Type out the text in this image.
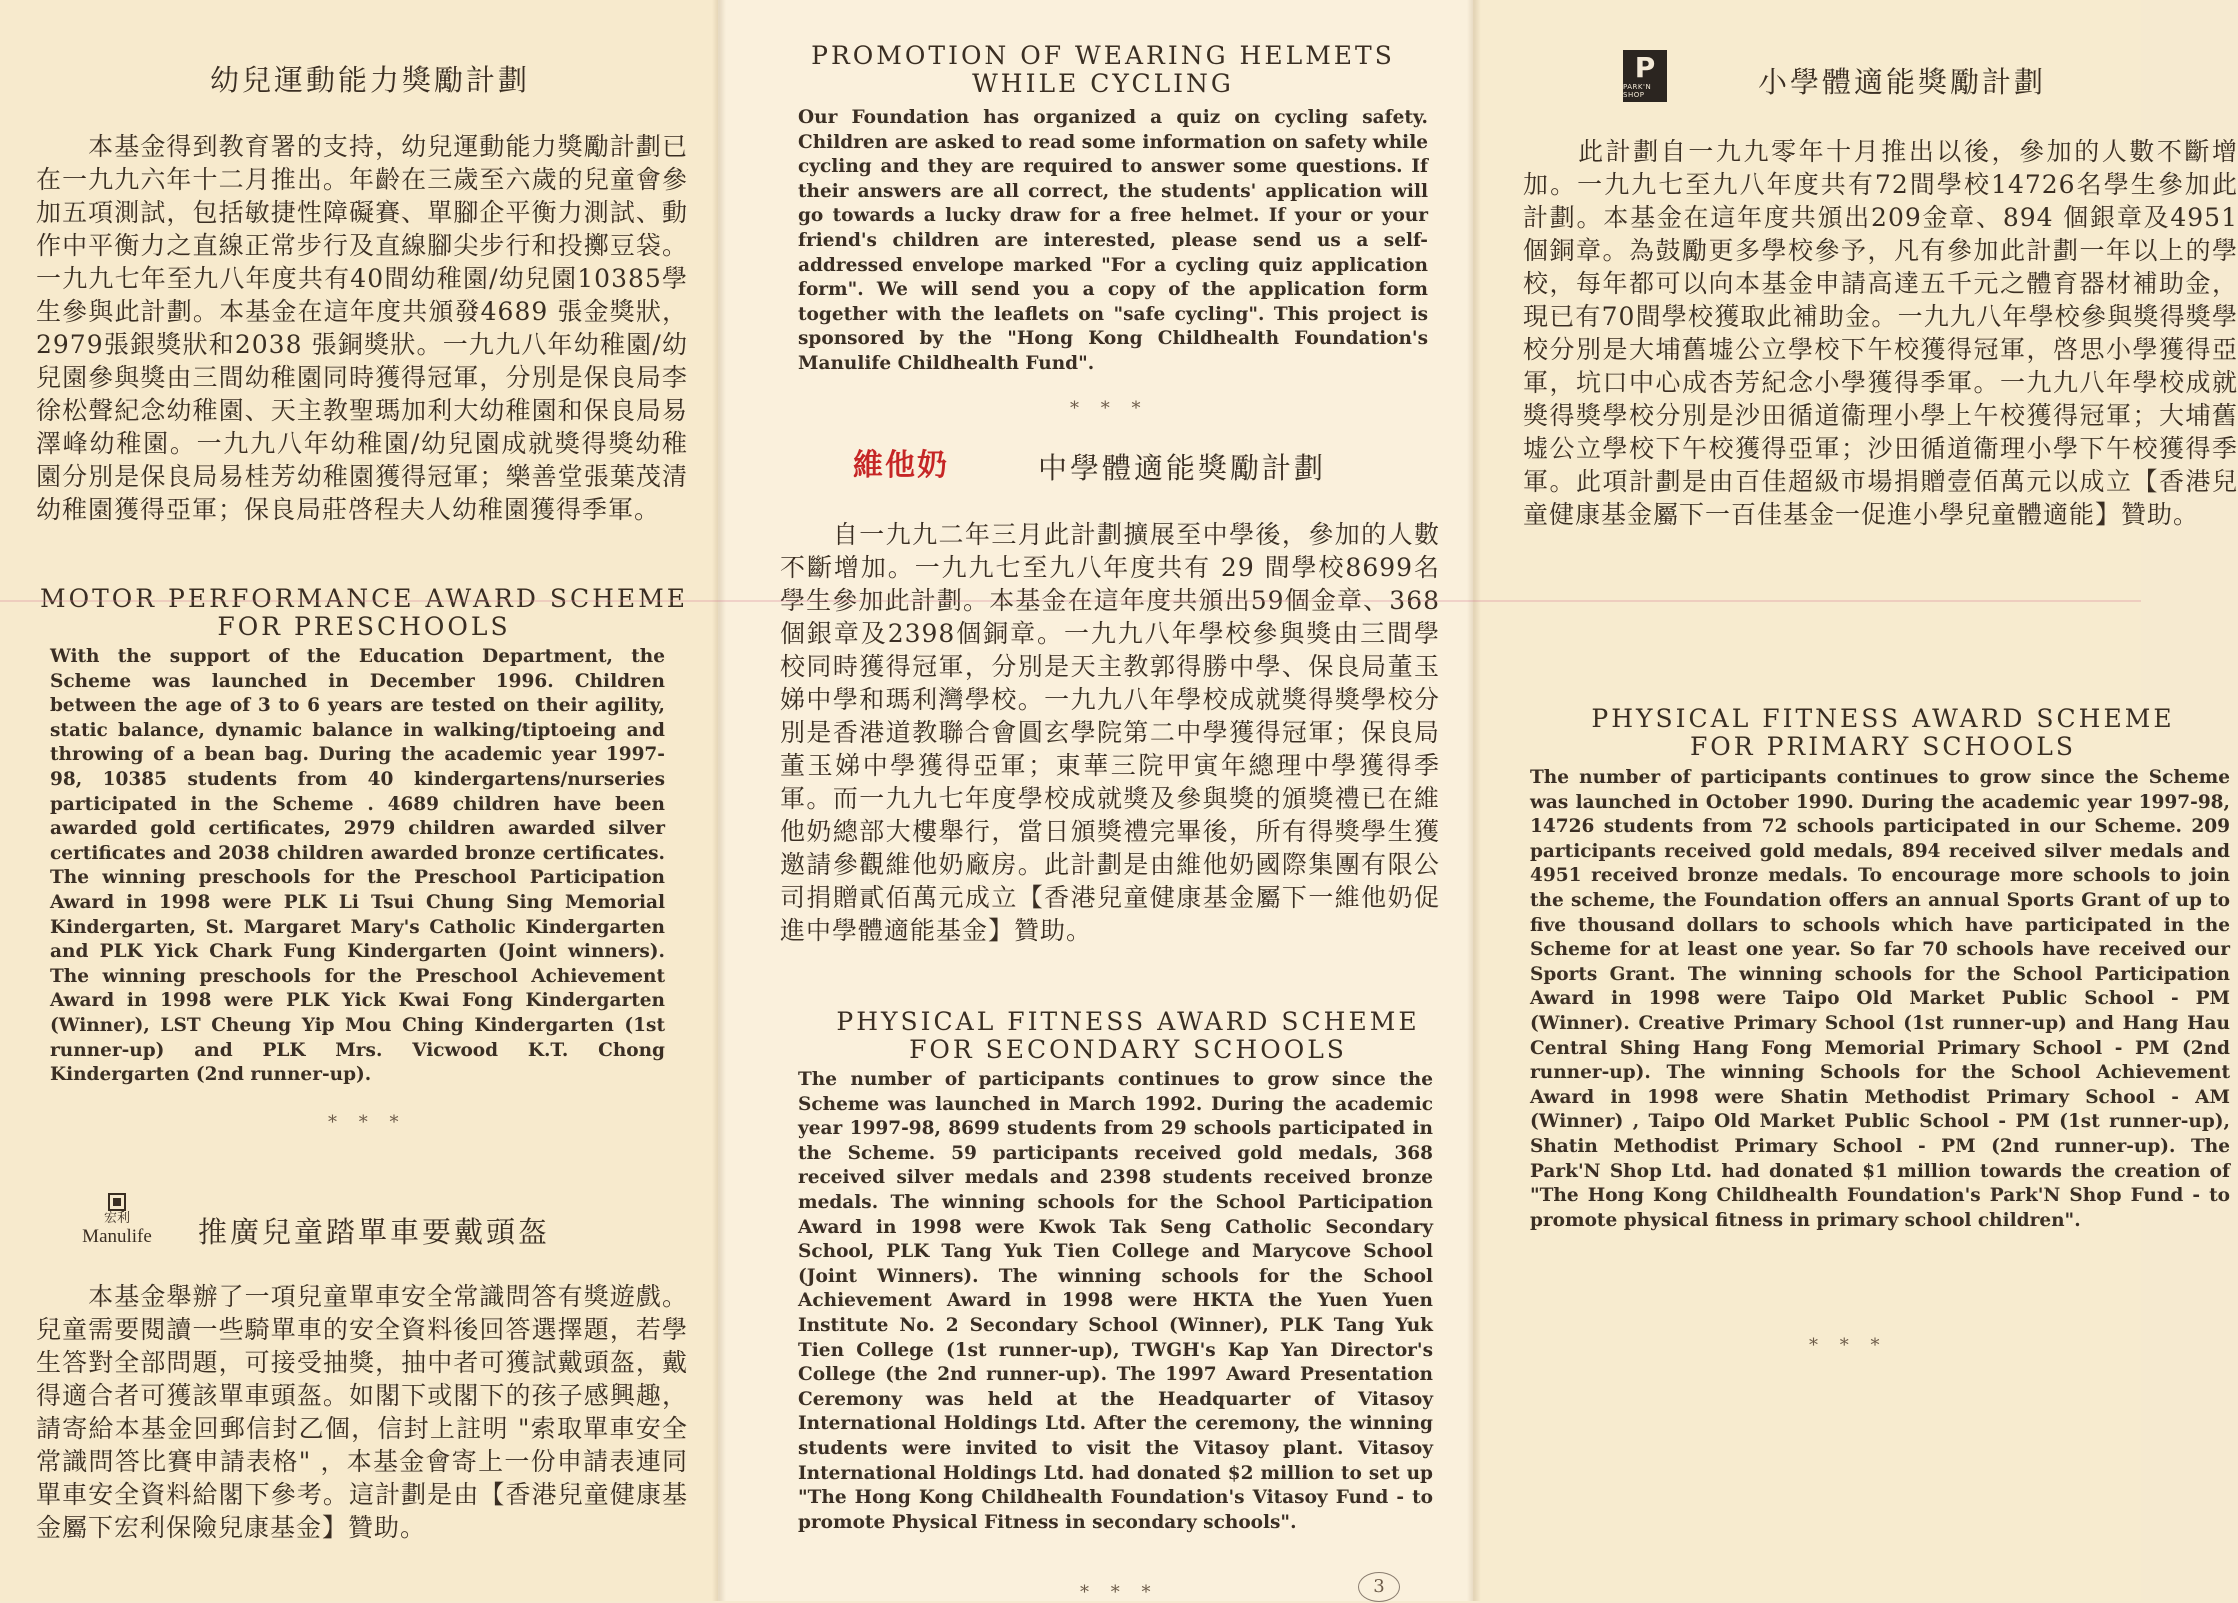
幼兒運動能力獎勵計劃

　　本基金得到教育署的支持，幼兒運動能力獎勵計劃已在一九九六年十二月推出。年齡在三歲至六歲的兒童會參加五項測試，包括敏捷性障礙賽、單腳企平衡力測試、動作中平衡力之直線正常步行及直線腳尖步行和投擲豆袋。一九九七年至九八年度共有40間幼稚園/幼兒園10385學生參與此計劃。本基金在這年度共頒發4689 張金獎狀，2979張銀獎狀和2038 張銅獎狀。一九九八年幼稚園/幼兒園參與獎由三間幼稚園同時獲得冠軍，分別是保良局李徐松聲紀念幼稚園、天主教聖瑪加利大幼稚園和保良局易澤峰幼稚園。一九九八年幼稚園/幼兒園成就獎得獎幼稚園分別是保良局易桂芳幼稚園獲得冠軍；樂善堂張葉茂清幼稚園獲得亞軍；保良局莊啓程夫人幼稚園獲得季軍。

MOTOR PERFORMANCE AWARD SCHEME
FOR PRESCHOOLS

With the support of the Education Department, the Scheme was launched in December 1996. Children between the age of 3 to 6 years are tested on their agility, static balance, dynamic balance in walking/tiptoeing and throwing of a bean bag. During the academic year 1997-98, 10385 students from 40 kindergartens/nurseries participated in the Scheme . 4689 children have been awarded gold certificates, 2979 children awarded silver certificates and 2038 children awarded bronze certificates. The winning preschools for the Preschool Participation Award in 1998 were PLK Li Tsui Chung Sing Memorial Kindergarten, St. Margaret Mary's Catholic Kindergarten and PLK Yick Chark Fung Kindergarten (Joint winners). The winning preschools for the Preschool Achievement Award in 1998 were PLK Yick Kwai Fong Kindergarten (Winner), LST Cheung Yip Mou Ching Kindergarten (1st runner-up) and PLK Mrs. Vicwood K.T. Chong Kindergarten (2nd runner-up).

* * *
宏利
Manulife 推廣兒童踏單車要戴頭盔

　　本基金舉辦了一項兒童單車安全常識問答有獎遊戲。兒童需要閱讀一些騎單車的安全資料後回答選擇題，若學生答對全部問題，可接受抽獎，抽中者可獲試戴頭盔，戴得適合者可獲該單車頭盔。如閣下或閣下的孩子感興趣，請寄給本基金回郵信封乙個，信封上註明 "索取單車安全常識問答比賽申請表格" ，本基金會寄上一份申請表連同單車安全資料給閣下參考。這計劃是由【香港兒童健康基金屬下宏利保險兒康基金】贊助。

PROMOTION OF WEARING HELMETS
WHILE CYCLING

Our Foundation has organized a quiz on cycling safety. Children are asked to read some information on safety while cycling and they are required to answer some questions. If their answers are all correct, the students' application will go towards a lucky draw for a free helmet. If your or your friend's children are interested, please send us a self-addressed envelope marked "For a cycling quiz application form". We will send you a copy of the application form together with the leaflets on "safe cycling". This project is sponsored by the "Hong Kong Childhealth Foundation's Manulife Childhealth Fund".

* * *
維他奶	中學體適能獎勵計劃

　　自一九九二年三月此計劃擴展至中學後，參加的人數不斷增加。一九九七至九八年度共有 29 間學校8699名學生參加此計劃。本基金在這年度共頒出59個金章、368個銀章及2398個銅章。一九九八年學校參與獎由三間學校同時獲得冠軍，分別是天主教郭得勝中學、保良局董玉娣中學和瑪利灣學校。一九九八年學校成就獎得獎學校分別是香港道教聯合會圓玄學院第二中學獲得冠軍；保良局董玉娣中學獲得亞軍；東華三院甲寅年總理中學獲得季軍。而一九九七年度學校成就獎及參與獎的頒獎禮已在維他奶總部大樓舉行，當日頒獎禮完畢後，所有得獎學生獲邀請參觀維他奶廠房。此計劃是由維他奶國際集團有限公司捐贈貳佰萬元成立【香港兒童健康基金屬下一維他奶促進中學體適能基金】贊助。

PHYSICAL FITNESS AWARD SCHEME
FOR SECONDARY SCHOOLS

The number of participants continues to grow since the Scheme was launched in March 1992. During the academic year 1997-98, 8699 students from 29 schools participated in the Scheme. 59 participants received gold medals, 368 received silver medals and 2398 students received bronze medals. The winning schools for the School Participation Award in 1998 were Kwok Tak Seng Catholic Secondary School, PLK Tang Yuk Tien College and Marycove School (Joint Winners). The winning schools for the School Achievement Award in 1998 were HKTA the Yuen Yuen Institute No. 2 Secondary School (Winner), PLK Tang Yuk Tien College (1st runner-up), TWGH's Kap Yan Director's College (the 2nd runner-up). The 1997 Award Presentation Ceremony was held at the Headquarter of Vitasoy International Holdings Ltd. After the ceremony, the winning students were invited to visit the Vitasoy plant. Vitasoy International Holdings Ltd. had donated $2 million to set up "The Hong Kong Childhealth Foundation's Vitasoy Fund - to promote Physical Fitness in secondary schools".

* * *	3
P
PARK'N SHOP	小學體適能獎勵計劃

　　此計劃自一九九零年十月推出以後，參加的人數不斷增加。一九九七至九八年度共有72間學校14726名學生參加此計劃。本基金在這年度共頒出209金章、894 個銀章及4951個銅章。為鼓勵更多學校參予，凡有參加此計劃一年以上的學校，每年都可以向本基金申請高達五千元之體育器材補助金，現已有70間學校獲取此補助金。一九九八年學校參與獎得獎學校分別是大埔舊墟公立學校下午校獲得冠軍，啓思小學獲得亞軍，坑口中心成杏芳紀念小學獲得季軍。一九九八年學校成就獎得獎學校分別是沙田循道衞理小學上午校獲得冠軍；大埔舊墟公立學校下午校獲得亞軍；沙田循道衞理小學下午校獲得季軍。此項計劃是由百佳超級市場捐贈壹佰萬元以成立【香港兒童健康基金屬下一百佳基金一促進小學兒童體適能】贊助。

PHYSICAL FITNESS AWARD SCHEME
FOR PRIMARY SCHOOLS

The number of participants continues to grow since the Scheme was launched in October 1990. During the academic year 1997-98, 14726 students from 72 schools participated in our Scheme. 209 participants received gold medals, 894 received silver medals and 4951 received bronze medals. To encourage more schools to join the scheme, the Foundation offers an annual Sports Grant of up to five thousand dollars to schools which have participated in the Scheme for at least one year. So far 70 schools have received our Sports Grant. The winning schools for the School Participation Award in 1998 were Taipo Old Market Public School - PM (Winner). Creative Primary School (1st runner-up) and Hang Hau Central Shing Hang Fong Memorial Primary School - PM (2nd runner-up). The winning Schools for the School Achievement Award in 1998 were Shatin Methodist Primary School - AM (Winner) , Taipo Old Market Public School - PM (1st runner-up), Shatin Methodist Primary School - PM (2nd runner-up). The Park'N Shop Ltd. had donated $1 million towards the creation of "The Hong Kong Childhealth Foundation's Park'N Shop Fund - to promote physical fitness in primary school children".

* * *
